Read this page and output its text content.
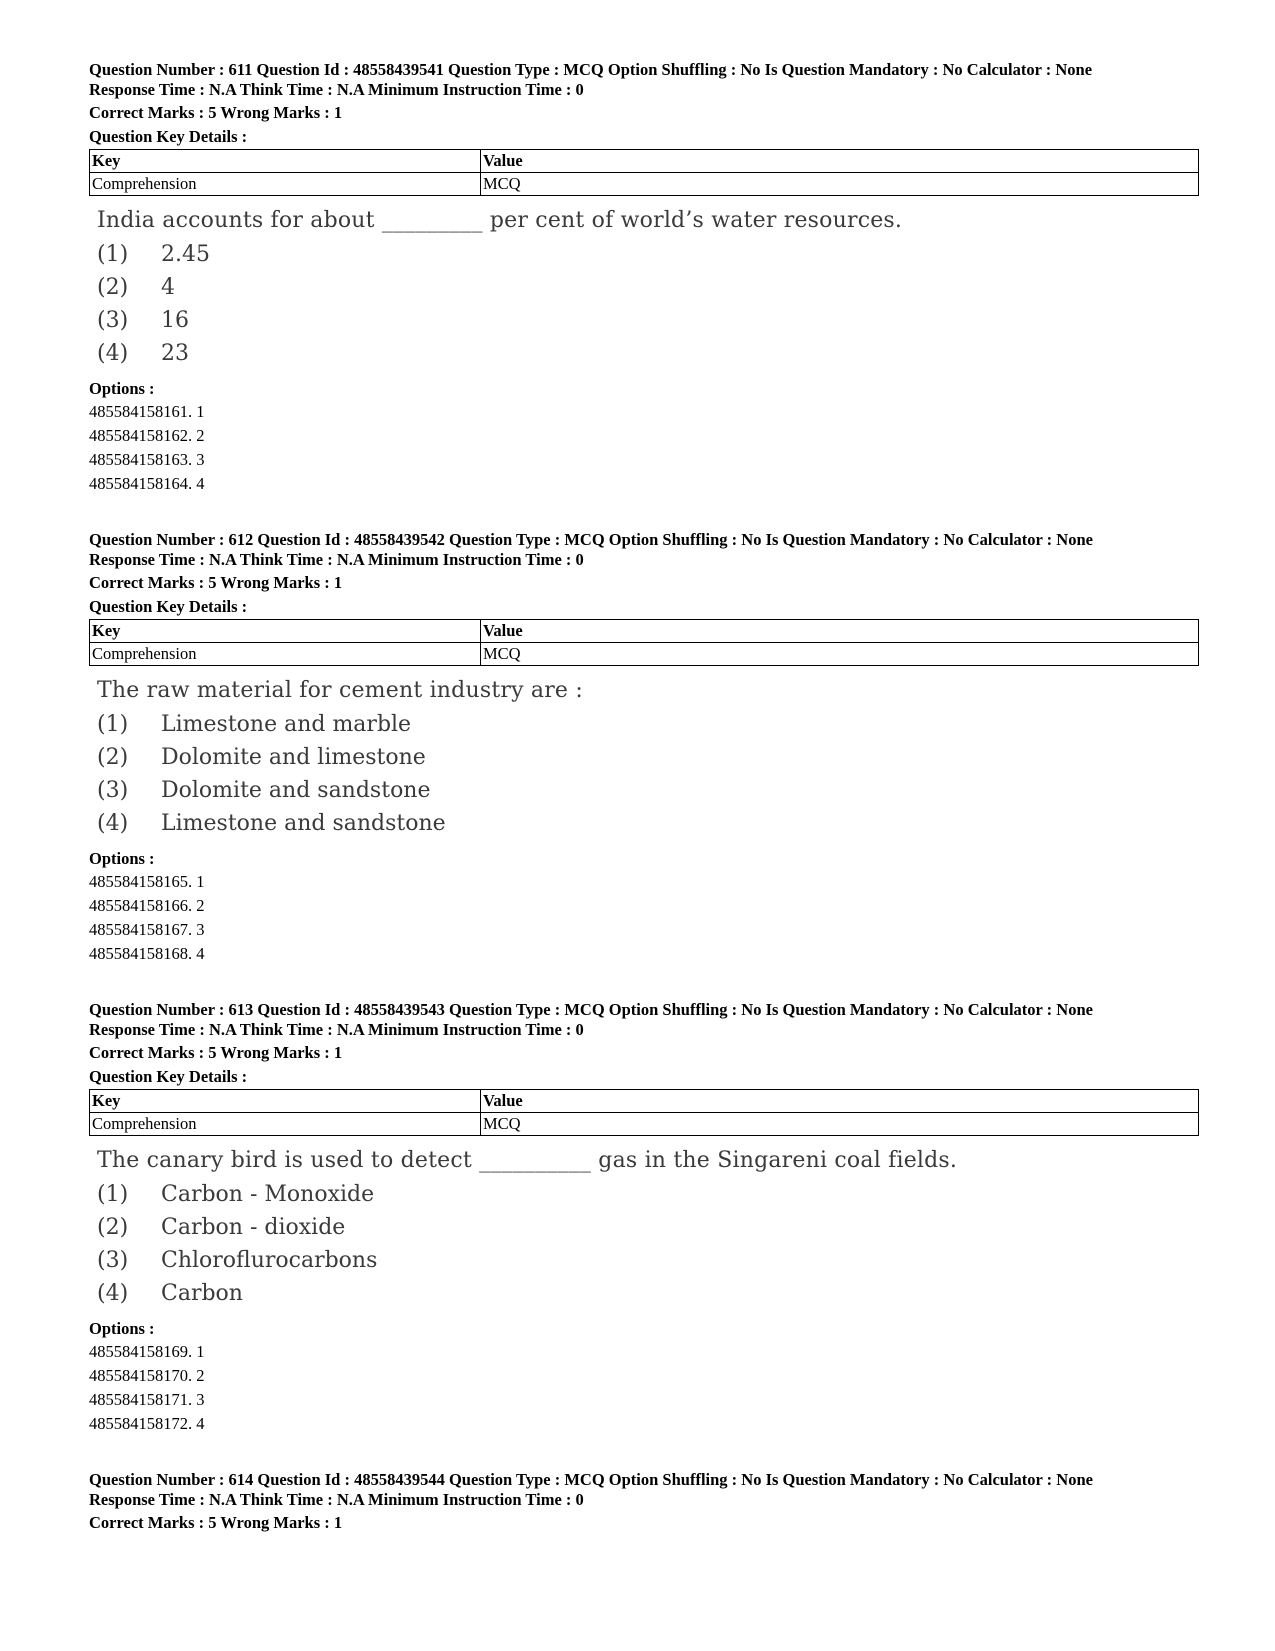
Question Number : 611 Question Id : 48558439541 Question Type : MCQ Option Shuffling : No Is Question Mandatory : No Calculator : None
Response Time : N.A Think Time : N.A Minimum Instruction Time : 0
Correct Marks : 5 Wrong Marks : 1
Question Key Details :
Key	Value
Comprehension	MCQ
India accounts for about _________ per cent of world’s water resources.
(1)	2.45
(2)	4
(3)	16
(4)	23
Options :
485584158161. 1
485584158162. 2
485584158163. 3
485584158164. 4
Question Number : 612 Question Id : 48558439542 Question Type : MCQ Option Shuffling : No Is Question Mandatory : No Calculator : None
Response Time : N.A Think Time : N.A Minimum Instruction Time : 0
Correct Marks : 5 Wrong Marks : 1
Question Key Details :
Key	Value
Comprehension	MCQ
The raw material for cement industry are :
(1)	Limestone and marble
(2)	Dolomite and limestone
(3)	Dolomite and sandstone
(4)	Limestone and sandstone
Options :
485584158165. 1
485584158166. 2
485584158167. 3
485584158168. 4
Question Number : 613 Question Id : 48558439543 Question Type : MCQ Option Shuffling : No Is Question Mandatory : No Calculator : None
Response Time : N.A Think Time : N.A Minimum Instruction Time : 0
Correct Marks : 5 Wrong Marks : 1
Question Key Details :
Key	Value
Comprehension	MCQ
The canary bird is used to detect __________ gas in the Singareni coal fields.
(1)	Carbon - Monoxide
(2)	Carbon - dioxide
(3)	Chloroflurocarbons
(4)	Carbon
Options :
485584158169. 1
485584158170. 2
485584158171. 3
485584158172. 4
Question Number : 614 Question Id : 48558439544 Question Type : MCQ Option Shuffling : No Is Question Mandatory : No Calculator : None
Response Time : N.A Think Time : N.A Minimum Instruction Time : 0
Correct Marks : 5 Wrong Marks : 1
